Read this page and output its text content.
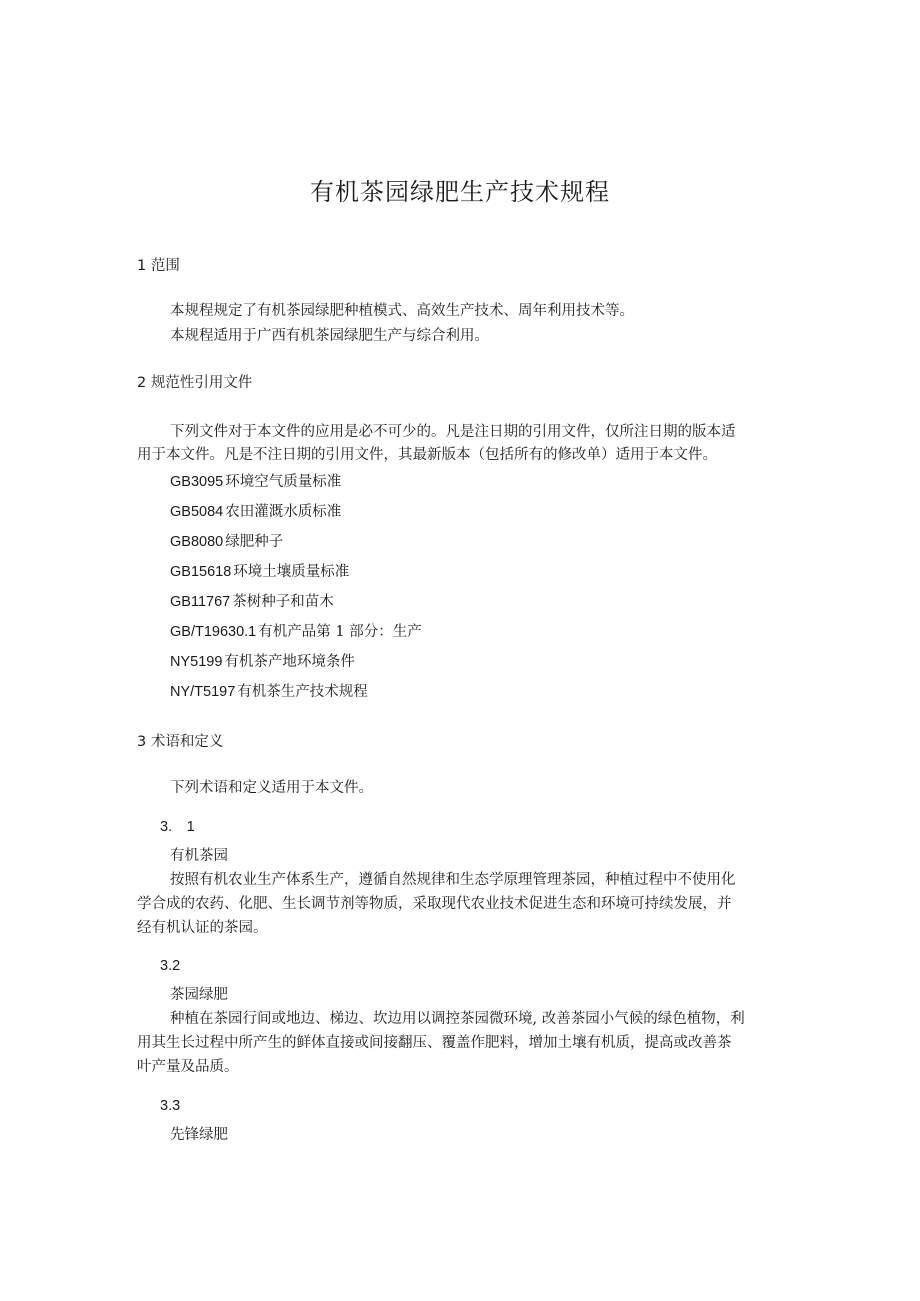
有机茶园绿肥生产技术规程
1 范围
本规程规定了有机茶园绿肥种植模式、高效生产技术、周年利用技术等。
本规程适用于广西有机茶园绿肥生产与综合利用。
2 规范性引用文件
下列文件对于本文件的应用是必不可少的。凡是注日期的引用文件，仅所注日期的版本适
用于本文件。凡是不注日期的引用文件，其最新版本（包括所有的修改单）适用于本文件。
GB3095 环境空气质量标准
GB5084 农田灌溉水质标准
GB8080 绿肥种子
GB15618 环境土壤质量标准
GB11767 茶树种子和苗木
GB/T19630.1 有机产品第 1 部分：生产
NY5199 有机茶产地环境条件
NY/T5197 有机茶生产技术规程
3 术语和定义
下列术语和定义适用于本文件。
3.　1
有机茶园
按照有机农业生产体系生产，遵循自然规律和生态学原理管理茶园，种植过程中不使用化
学合成的农药、化肥、生长调节剂等物质，采取现代农业技术促进生态和环境可持续发展，并
经有机认证的茶园。
3.2
茶园绿肥
种植在茶园行间或地边、梯边、坎边用以调控茶园微环境, 改善茶园小气候的绿色植物，利
用其生长过程中所产生的鲜体直接或间接翻压、覆盖作肥料，增加土壤有机质，提高或改善茶
叶产量及品质。
3.3
先锋绿肥
